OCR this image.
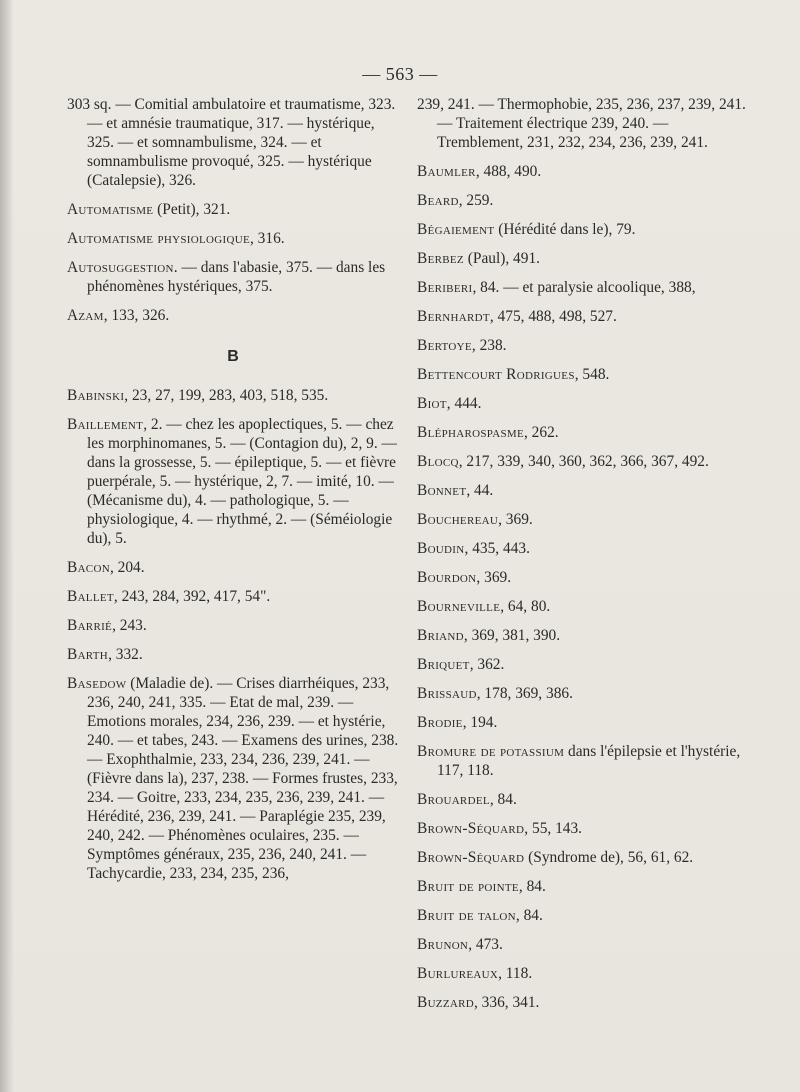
— 563 —
303 sq. — Comitial ambulatoire et traumatisme, 323. — et amnésie traumatique, 317. — hystérique, 325. — et somnambulisme, 324. — et somnambulisme provoqué, 325. — hystérique (Catalepsie), 326.
Automatisme (Petit), 321.
Automatisme physiologique, 316.
Autosuggestion. — dans l'abasie, 375. — dans les phénomènes hystériques, 375.
Azam, 133, 326.
B
Babinski, 23, 27, 199, 283, 403, 518, 535.
Baillement, 2. — chez les apoplectiques, 5. — chez les morphinomanes, 5. — (Contagion du), 2, 9. — dans la grossesse, 5. — épileptique, 5. — et fièvre puerpérale, 5. — hystérique, 2, 7. — imité, 10. — (Mécanisme du), 4. — pathologique, 5. — physiologique, 4. — rhythmé, 2. — (Séméiologie du), 5.
Bacon, 204.
Ballet, 243, 284, 392, 417, 54".
Barrié, 243.
Barth, 332.
Basedow (Maladie de). — Crises diarrhéiques, 233, 236, 240, 241, 335. — Etat de mal, 239. — Emotions morales, 234, 236, 239. — et hystérie, 240. — et tabes, 243. — Examens des urines, 238. — Exophthalmie, 233, 234, 236, 239, 241. — (Fièvre dans la), 237, 238. — Formes frustes, 233, 234. — Goitre, 233, 234, 235, 236, 239, 241. — Hérédité, 236, 239, 241. — Paraplégie 235, 239, 240, 242. — Phénomènes oculaires, 235. — Symptômes généraux, 235, 236, 240, 241. — Tachycardie, 233, 234, 235, 236,
239, 241. — Thermophobie, 235, 236, 237, 239, 241. — Traitement électrique 239, 240. — Tremblement, 231, 232, 234, 236, 239, 241.
Baumler, 488, 490.
Beard, 259.
Bégaiement (Hérédité dans le), 79.
Berbez (Paul), 491.
Beriberi, 84. — et paralysie alcoolique, 388,
Bernhardt, 475, 488, 498, 527.
Bertoye, 238.
Bettencourt Rodrigues, 548.
Biot, 444.
Blépharospasme, 262.
Blocq, 217, 339, 340, 360, 362, 366, 367, 492.
Bonnet, 44.
Bouchereau, 369.
Boudin, 435, 443.
Bourdon, 369.
Bourneville, 64, 80.
Briand, 369, 381, 390.
Briquet, 362.
Brissaud, 178, 369, 386.
Brodie, 194.
Bromure de potassium dans l'épilepsie et l'hystérie, 117, 118.
Brouardel, 84.
Brown-Séquard, 55, 143.
Brown-Séquard (Syndrome de), 56, 61, 62.
Bruit de pointe, 84.
Bruit de talon, 84.
Brunon, 473.
Burlureaux, 118.
Buzzard, 336, 341.
